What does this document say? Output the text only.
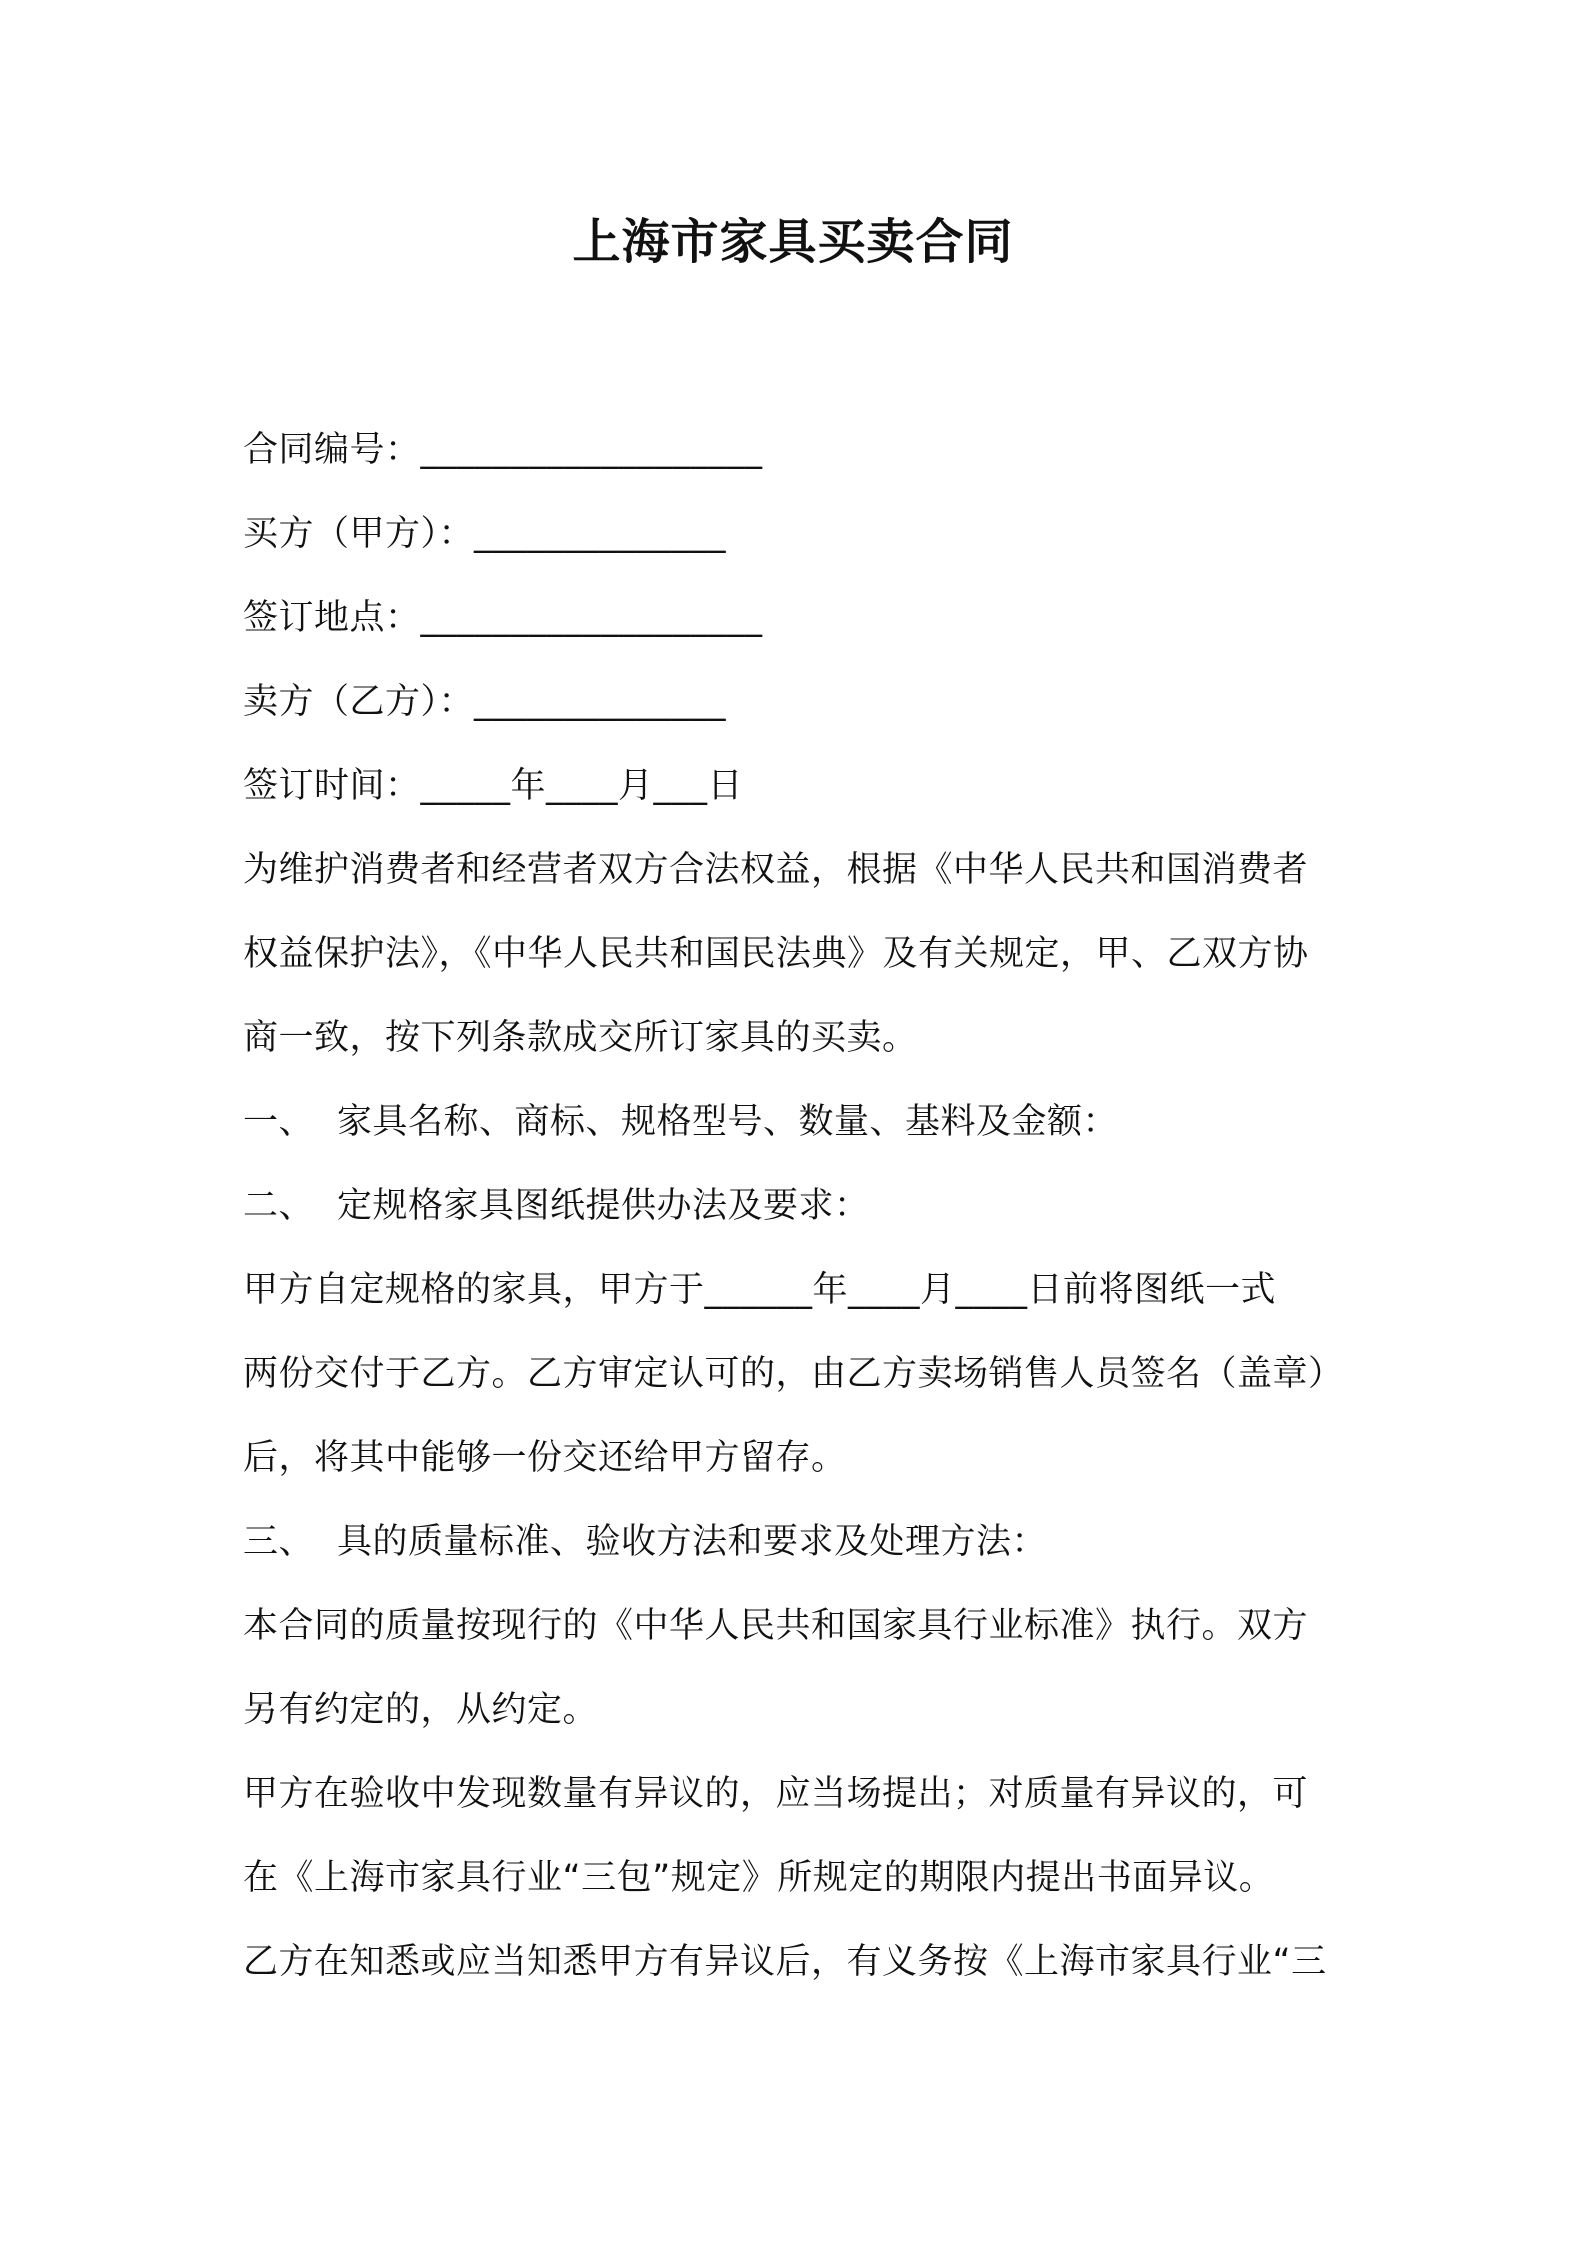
上海市家具买卖合同
合同编号：___________________
买方（甲方）：______________
签订地点：___________________
卖方（乙方）：______________
签订时间：_____年____月___日
为维护消费者和经营者双方合法权益，根据《中华人民共和国消费者
权益保护法》，《中华人民共和国民法典》及有关规定，甲、乙双方协
商一致，按下列条款成交所订家具的买卖。
一、 家具名称、商标、规格型号、数量、基料及金额：
二、 定规格家具图纸提供办法及要求：
甲方自定规格的家具，甲方于______年____月____日前将图纸一式
两份交付于乙方。乙方审定认可的，由乙方卖场销售人员签名（盖章）
后，将其中能够一份交还给甲方留存。
三、 具的质量标准、验收方法和要求及处理方法：
本合同的质量按现行的《中华人民共和国家具行业标准》执行。双方
另有约定的，从约定。
甲方在验收中发现数量有异议的，应当场提出；对质量有异议的，可
在《上海市家具行业“三包”规定》所规定的期限内提出书面异议。
乙方在知悉或应当知悉甲方有异议后，有义务按《上海市家具行业“三
